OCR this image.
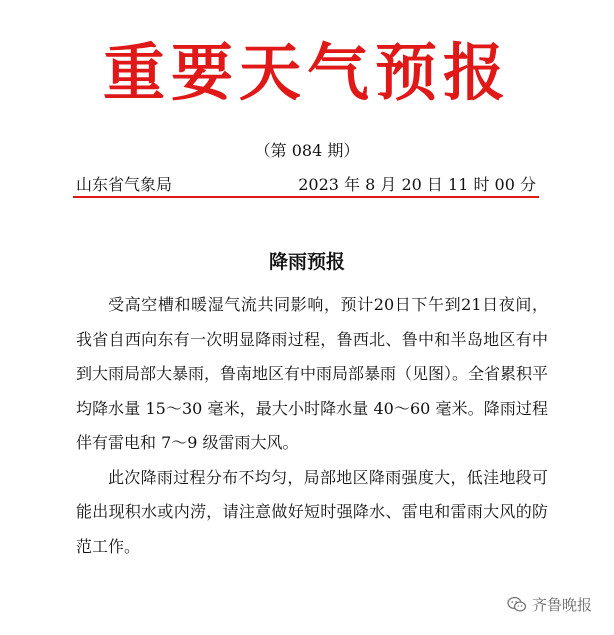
重要天气预报
（第 084 期）
山东省气象局	2023 年 8 月 20 日 11 时 00 分
降雨预报

受高空槽和暖湿气流共同影响，预计20日下午到21日夜间，我省自西向东有一次明显降雨过程，鲁西北、鲁中和半岛地区有中到大雨局部大暴雨，鲁南地区有中雨局部暴雨（见图）。全省累积平均降水量 15～30 毫米，最大小时降水量 40～60 毫米。降雨过程伴有雷电和 7～9 级雷雨大风。

此次降雨过程分布不均匀，局部地区降雨强度大，低洼地段可能出现积水或内涝，请注意做好短时强降水、雷电和雷雨大风的防范工作。

齐鲁晚报
